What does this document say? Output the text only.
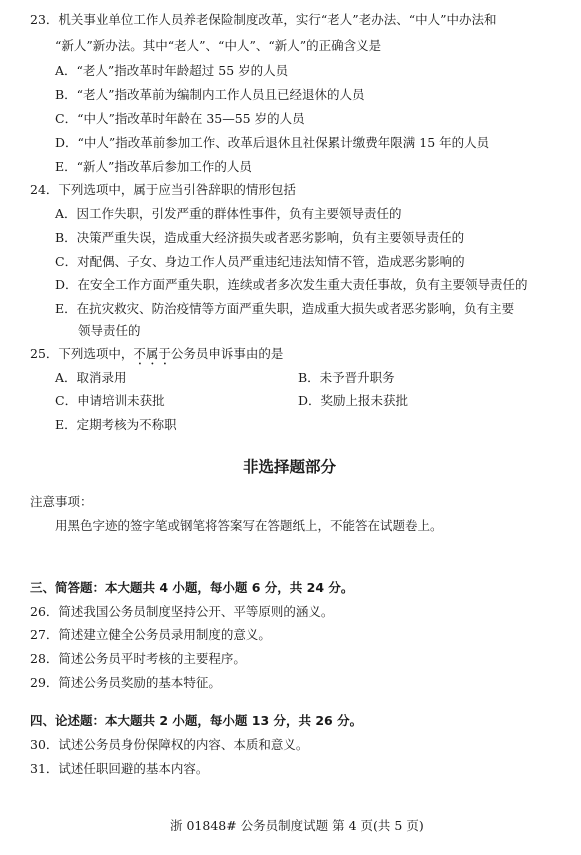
23．机关事业单位工作人员养老保险制度改革，实行“老人”老办法、“中人”中办法和
“新人”新办法。其中“老人”、“中人”、“新人”的正确含义是
A．“老人”指改革时年龄超过 55 岁的人员
B．“老人”指改革前为编制内工作人员且已经退休的人员
C．“中人”指改革时年龄在 35—55 岁的人员
D．“中人”指改革前参加工作、改革后退休且社保累计缴费年限满 15 年的人员
E．“新人”指改革后参加工作的人员
24．下列选项中，属于应当引咎辞职的情形包括
A．因工作失职，引发严重的群体性事件，负有主要领导责任的
B．决策严重失误，造成重大经济损失或者恶劣影响，负有主要领导责任的
C．对配偶、子女、身边工作人员严重违纪违法知情不管，造成恶劣影响的
D．在安全工作方面严重失职，连续或者多次发生重大责任事故，负有主要领导责任的
E．在抗灾救灾、防治疫情等方面严重失职，造成重大损失或者恶劣影响，负有主要
领导责任的
25．下列选项中，不属于公务员申诉事由的是
A．取消录用	B．未予晋升职务
C．申请培训未获批	D．奖励上报未获批
E．定期考核为不称职
非选择题部分
注意事项：
用黑色字迹的签字笔或钢笔将答案写在答题纸上，不能答在试题卷上。
三、简答题：本大题共 4 小题，每小题 6 分，共 24 分。
26．简述我国公务员制度坚持公开、平等原则的涵义。
27．简述建立健全公务员录用制度的意义。
28．简述公务员平时考核的主要程序。
29．简述公务员奖励的基本特征。
四、论述题：本大题共 2 小题，每小题 13 分，共 26 分。
30．试述公务员身份保障权的内容、本质和意义。
31．试述任职回避的基本内容。
浙 01848# 公务员制度试题 第 4 页(共 5 页)
